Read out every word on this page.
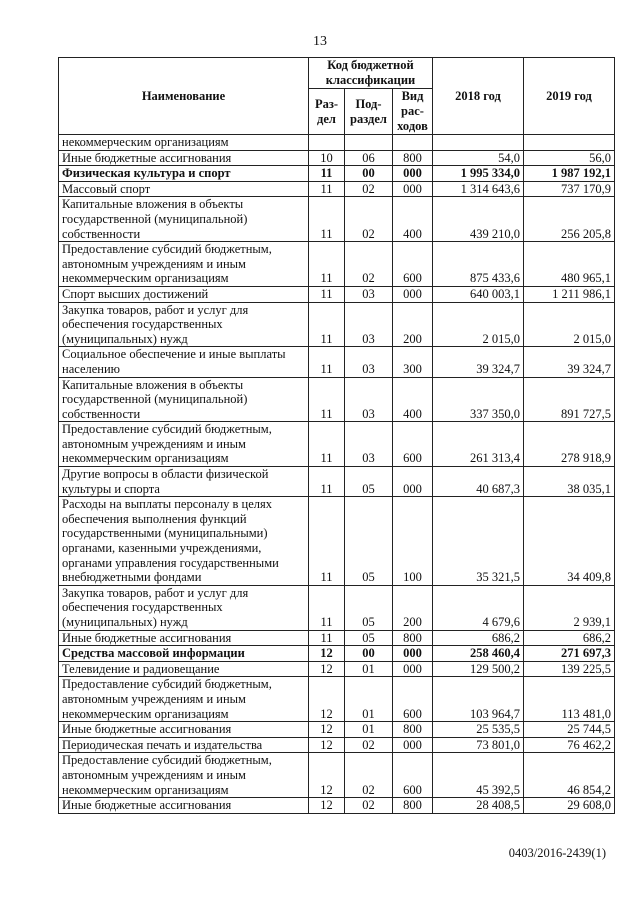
13
Наименование	Код бюджетной классификации			2018 год	2019 год
	Раз-дел	Под-раздел	Вид рас-ходов		
некоммерческим организациям					
Иные бюджетные ассигнования	10	06	800	54,0	56,0
Физическая культура и спорт	11	00	000	1 995 334,0	1 987 192,1
Массовый спорт	11	02	000	1 314 643,6	737 170,9
Капитальные вложения в объекты государственной (муниципальной) собственности	11	02	400	439 210,0	256 205,8
Предоставление субсидий бюджетным, автономным учреждениям и иным некоммерческим организациям	11	02	600	875 433,6	480 965,1
Спорт высших достижений	11	03	000	640 003,1	1 211 986,1
Закупка товаров, работ и услуг для обеспечения государственных (муниципальных) нужд	11	03	200	2 015,0	2 015,0
Социальное обеспечение и иные выплаты населению	11	03	300	39 324,7	39 324,7
Капитальные вложения в объекты государственной (муниципальной) собственности	11	03	400	337 350,0	891 727,5
Предоставление субсидий бюджетным, автономным учреждениям и иным некоммерческим организациям	11	03	600	261 313,4	278 918,9
Другие вопросы в области физической культуры и спорта	11	05	000	40 687,3	38 035,1
Расходы на выплаты персоналу в целях обеспечения выполнения функций государственными (муниципальными) органами, казенными учреждениями, органами управления государственными внебюджетными фондами	11	05	100	35 321,5	34 409,8
Закупка товаров, работ и услуг для обеспечения государственных (муниципальных) нужд	11	05	200	4 679,6	2 939,1
Иные бюджетные ассигнования	11	05	800	686,2	686,2
Средства массовой информации	12	00	000	258 460,4	271 697,3
Телевидение и радиовещание	12	01	000	129 500,2	139 225,5
Предоставление субсидий бюджетным, автономным учреждениям и иным некоммерческим организациям	12	01	600	103 964,7	113 481,0
Иные бюджетные ассигнования	12	01	800	25 535,5	25 744,5
Периодическая печать и издательства	12	02	000	73 801,0	76 462,2
Предоставление субсидий бюджетным, автономным учреждениям и иным некоммерческим организациям	12	02	600	45 392,5	46 854,2
Иные бюджетные ассигнования	12	02	800	28 408,5	29 608,0
0403/2016-2439(1)
